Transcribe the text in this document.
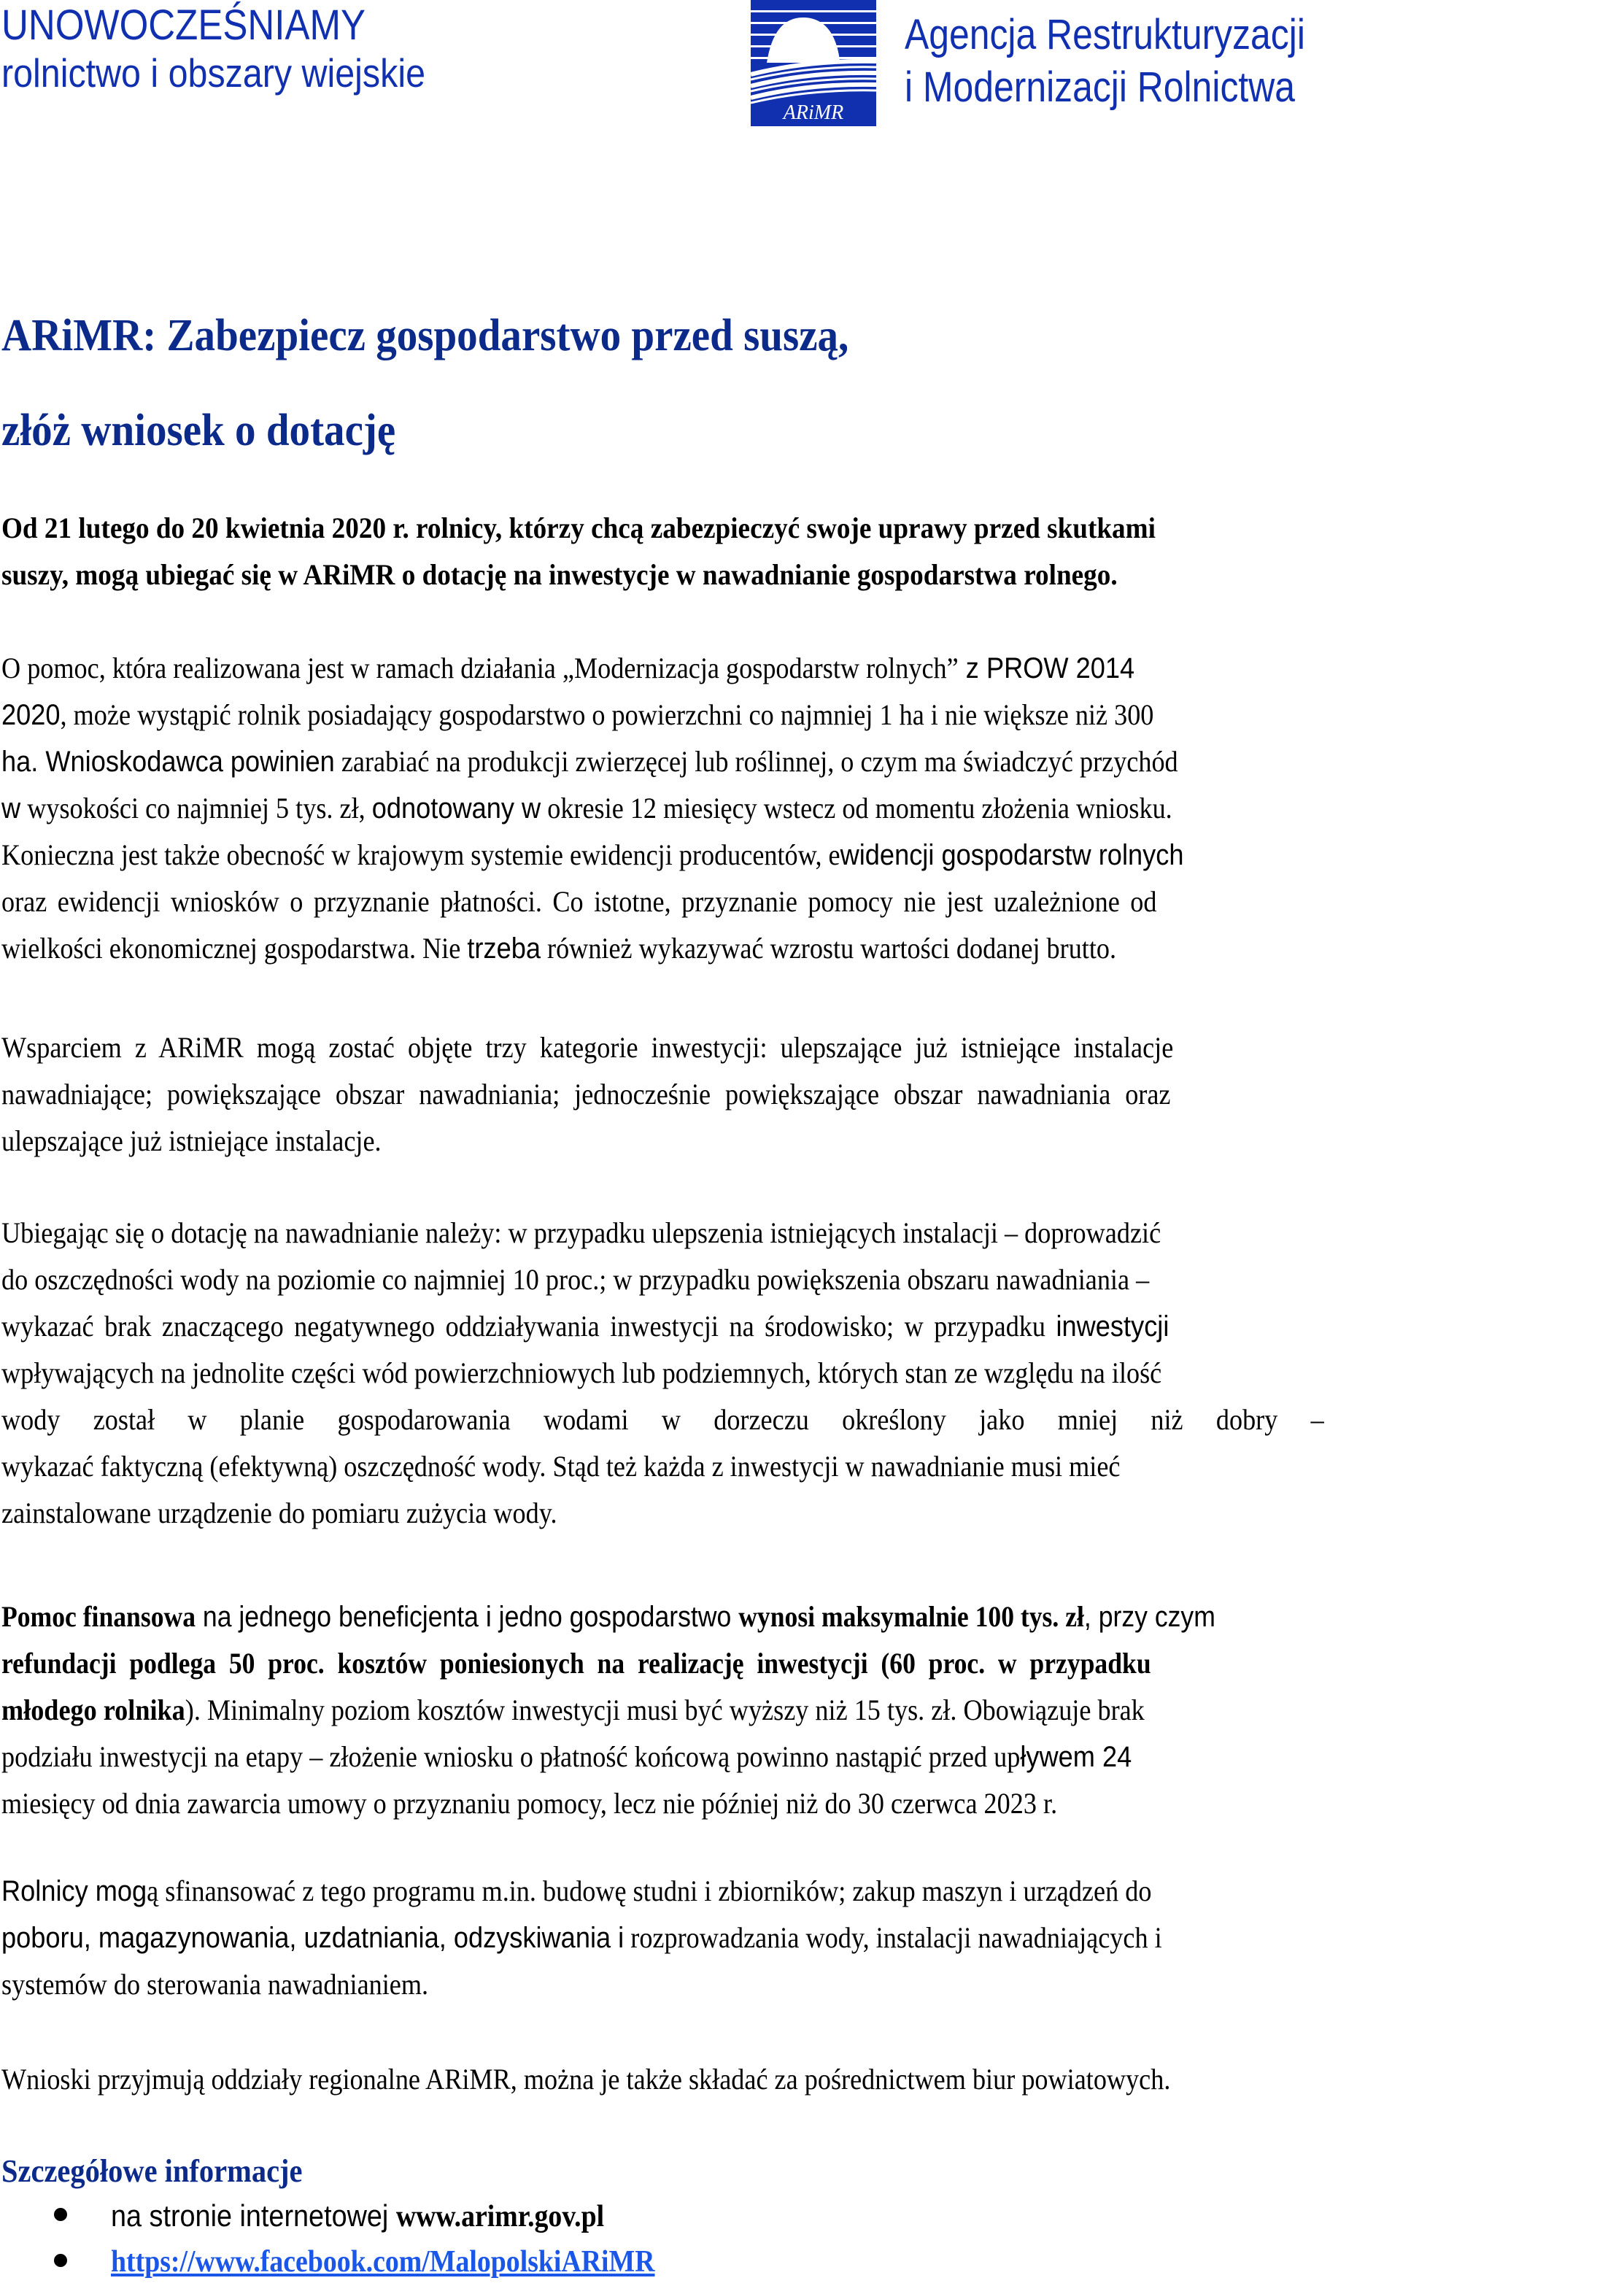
UNOWOCZEŚNIAMY
rolnictwo i obszary wiejskie
ARiMR
Agencja Restrukturyzacji
i Modernizacji Rolnictwa
ARiMR: Zabezpiecz gospodarstwo przed suszą,
złóż wniosek o dotację
Od 21 lutego do 20 kwietnia 2020 r. rolnicy, którzy chcą zabezpieczyć swoje uprawy przed skutkami
suszy, mogą ubiegać się w ARiMR o dotację na inwestycje w nawadnianie gospodarstwa rolnego.
O pomoc, która realizowana jest w ramach działania „Modernizacja gospodarstw rolnych” z PROW 2014
2020, może wystąpić rolnik posiadający gospodarstwo o powierzchni co najmniej 1 ha i nie większe niż 300
ha. Wnioskodawca powinien zarabiać na produkcji zwierzęcej lub roślinnej, o czym ma świadczyć przychód
w wysokości co najmniej 5 tys. zł, odnotowany w okresie 12 miesięcy wstecz od momentu złożenia wniosku.
Konieczna jest także obecność w krajowym systemie ewidencji producentów, ewidencji gospodarstw rolnych
oraz ewidencji wniosków o przyznanie płatności. Co istotne, przyznanie pomocy nie jest uzależnione od
wielkości ekonomicznej gospodarstwa. Nie trzeba również wykazywać wzrostu wartości dodanej brutto.
Wsparciem z ARiMR mogą zostać objęte trzy kategorie inwestycji: ulepszające już istniejące instalacje
nawadniające; powiększające obszar nawadniania; jednocześnie powiększające obszar nawadniania oraz
ulepszające już istniejące instalacje.
Ubiegając się o dotację na nawadnianie należy: w przypadku ulepszenia istniejących instalacji – doprowadzić
do oszczędności wody na poziomie co najmniej 10 proc.; w przypadku powiększenia obszaru nawadniania –
wykazać brak znaczącego negatywnego oddziaływania inwestycji na środowisko; w przypadku inwestycji
wpływających na jednolite części wód powierzchniowych lub podziemnych, których stan ze względu na ilość
wody został w planie gospodarowania wodami w dorzeczu określony jako mniej niż dobry –
wykazać faktyczną (efektywną) oszczędność wody. Stąd też każda z inwestycji w nawadnianie musi mieć
zainstalowane urządzenie do pomiaru zużycia wody.
Pomoc finansowa na jednego beneficjenta i jedno gospodarstwo wynosi maksymalnie 100 tys. zł, przy czym
refundacji podlega 50 proc. kosztów poniesionych na realizację inwestycji (60 proc. w przypadku
młodego rolnika). Minimalny poziom kosztów inwestycji musi być wyższy niż 15 tys. zł. Obowiązuje brak
podziału inwestycji na etapy – złożenie wniosku o płatność końcową powinno nastąpić przed upływem 24
miesięcy od dnia zawarcia umowy o przyznaniu pomocy, lecz nie później niż do 30 czerwca 2023 r.
Rolnicy mogą sfinansować z tego programu m.in. budowę studni i zbiorników; zakup maszyn i urządzeń do
poboru, magazynowania, uzdatniania, odzyskiwania i rozprowadzania wody, instalacji nawadniających i
systemów do sterowania nawadnianiem.
Wnioski przyjmują oddziały regionalne ARiMR, można je także składać za pośrednictwem biur powiatowych.
Szczegółowe informacje
na stronie internetowej www.arimr.gov.pl
https://www.facebook.com/MalopolskiARiMR
